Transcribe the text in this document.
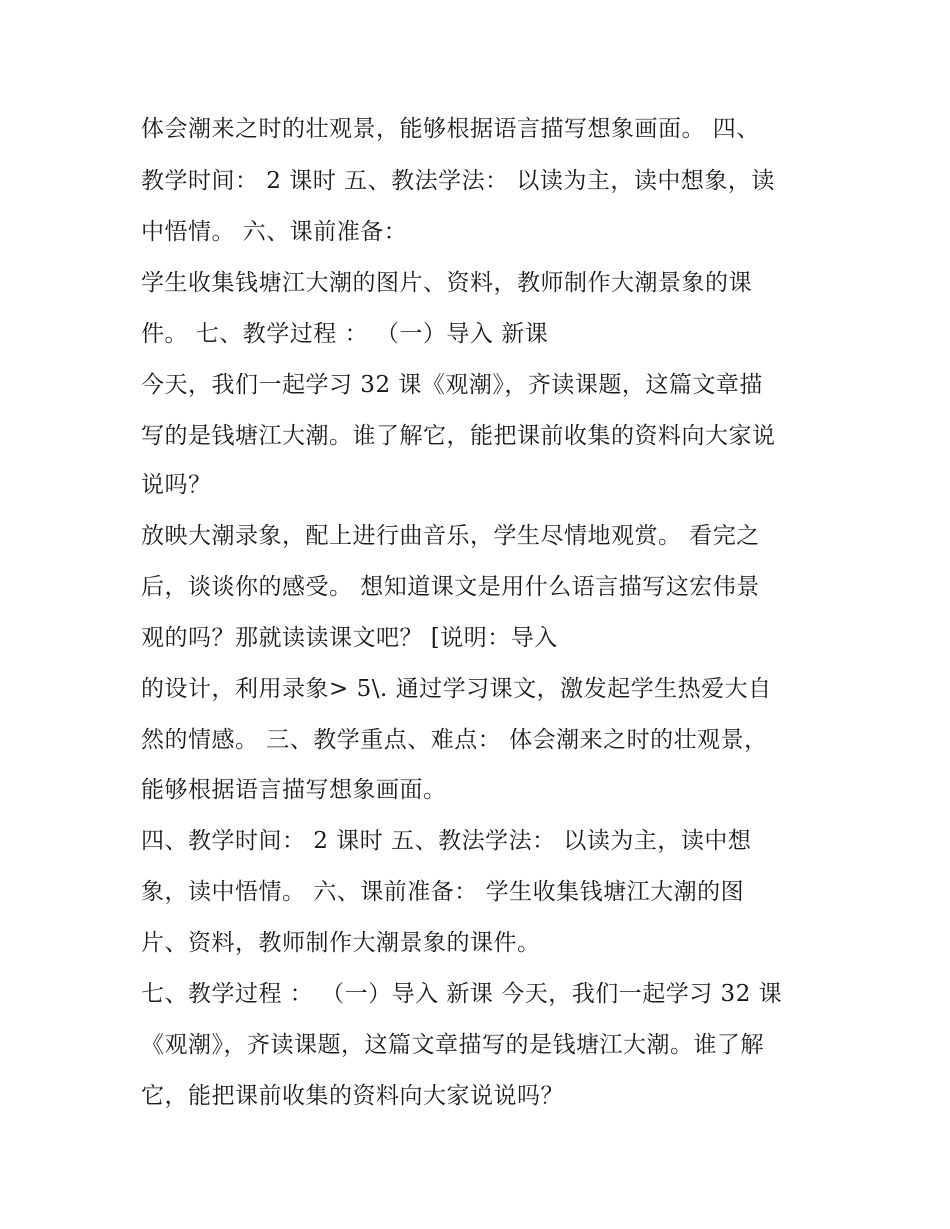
体会潮来之时的壮观景，能够根据语言描写想象画面。 四、
教学时间： 2 课时 五、教法学法： 以读为主，读中想象，读
中悟情。 六、课前准备：
学生收集钱塘江大潮的图片、资料，教师制作大潮景象的课
件。 七、教学过程 ： （一）导入 新课
今天，我们一起学习 32 课《观潮》，齐读课题，这篇文章描
写的是钱塘江大潮。谁了解它，能把课前收集的资料向大家说
说吗？
放映大潮录象，配上进行曲音乐，学生尽情地观赏。 看完之
后，谈谈你的感受。 想知道课文是用什么语言描写这宏伟景
观的吗？那就读读课文吧？ [说明：导入
的设计，利用录象> 5\. 通过学习课文，激发起学生热爱大自
然的情感。 三、教学重点、难点： 体会潮来之时的壮观景，
能够根据语言描写想象画面。
四、教学时间： 2 课时 五、教法学法： 以读为主，读中想
象，读中悟情。 六、课前准备： 学生收集钱塘江大潮的图
片、资料，教师制作大潮景象的课件。
七、教学过程 ： （一）导入 新课 今天，我们一起学习 32 课
《观潮》，齐读课题，这篇文章描写的是钱塘江大潮。谁了解
它，能把课前收集的资料向大家说说吗？
